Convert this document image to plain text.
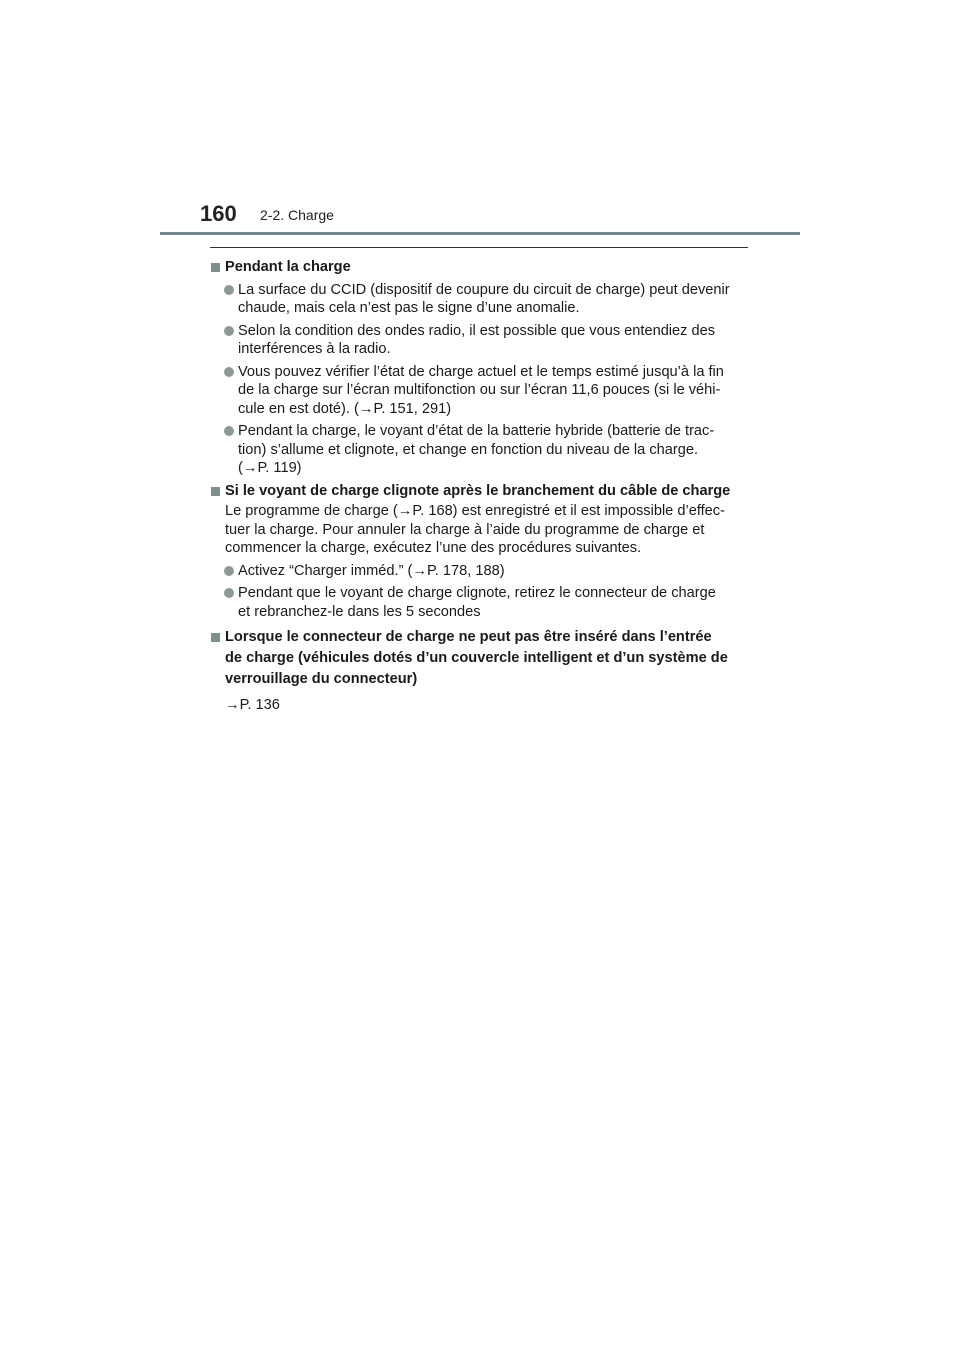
160 2-2. Charge
Pendant la charge
La surface du CCID (dispositif de coupure du circuit de charge) peut devenir
chaude, mais cela n’est pas le signe d’une anomalie.
Selon la condition des ondes radio, il est possible que vous entendiez des
interférences à la radio.
Vous pouvez vérifier l’état de charge actuel et le temps estimé jusqu’à la fin
de la charge sur l’écran multifonction ou sur l’écran 11,6 pouces (si le véhi-
cule en est doté). (→P. 151, 291)
Pendant la charge, le voyant d’état de la batterie hybride (batterie de trac-
tion) s’allume et clignote, et change en fonction du niveau de la charge.
(→P. 119)
Si le voyant de charge clignote après le branchement du câble de charge
Le programme de charge (→P. 168) est enregistré et il est impossible d’effec-
tuer la charge. Pour annuler la charge à l’aide du programme de charge et
commencer la charge, exécutez l’une des procédures suivantes.
Activez “Charger imméd.” (→P. 178, 188)
Pendant que le voyant de charge clignote, retirez le connecteur de charge
et rebranchez-le dans les 5 secondes
Lorsque le connecteur de charge ne peut pas être inséré dans l’entrée
de charge (véhicules dotés d’un couvercle intelligent et d’un système de
verrouillage du connecteur)
→P. 136
